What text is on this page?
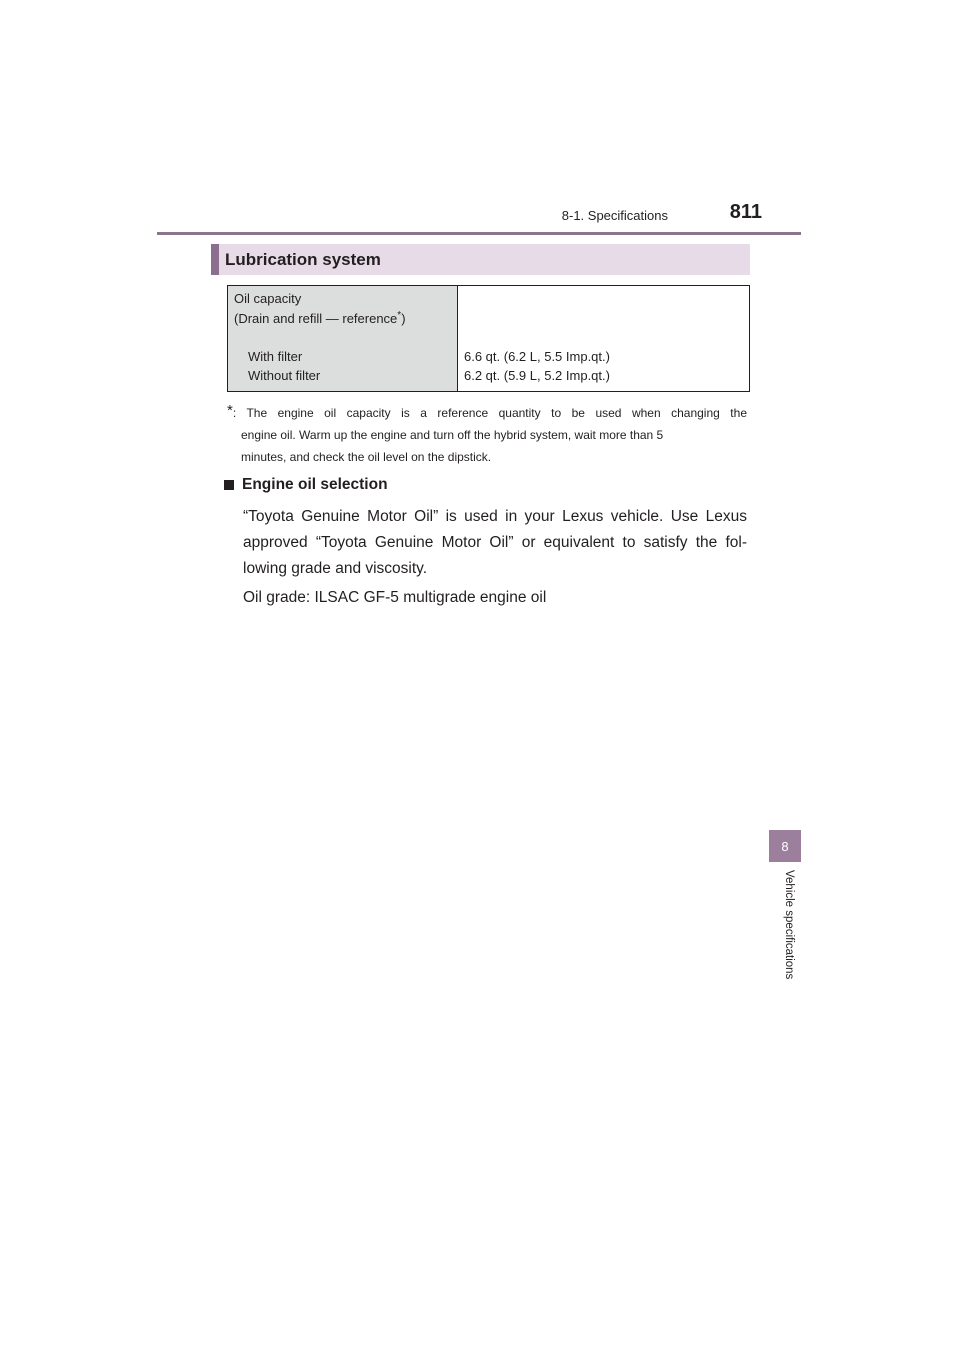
8-1. Specifications	811
8
Vehicle specifications
Lubrication system
Oil capacity
(Drain and refill — reference*)
With filter
Without filter
6.6 qt. (6.2 L, 5.5 Imp.qt.)
6.2 qt. (5.9 L, 5.2 Imp.qt.)
*: The engine oil capacity is a reference quantity to be used when changing the
engine oil. Warm up the engine and turn off the hybrid system, wait more than 5
minutes, and check the oil level on the dipstick.
Engine oil selection
“Toyota Genuine Motor Oil” is used in your Lexus vehicle. Use Lexus
approved “Toyota Genuine Motor Oil” or equivalent to satisfy the fol-
lowing grade and viscosity.
Oil grade: ILSAC GF-5 multigrade engine oil
